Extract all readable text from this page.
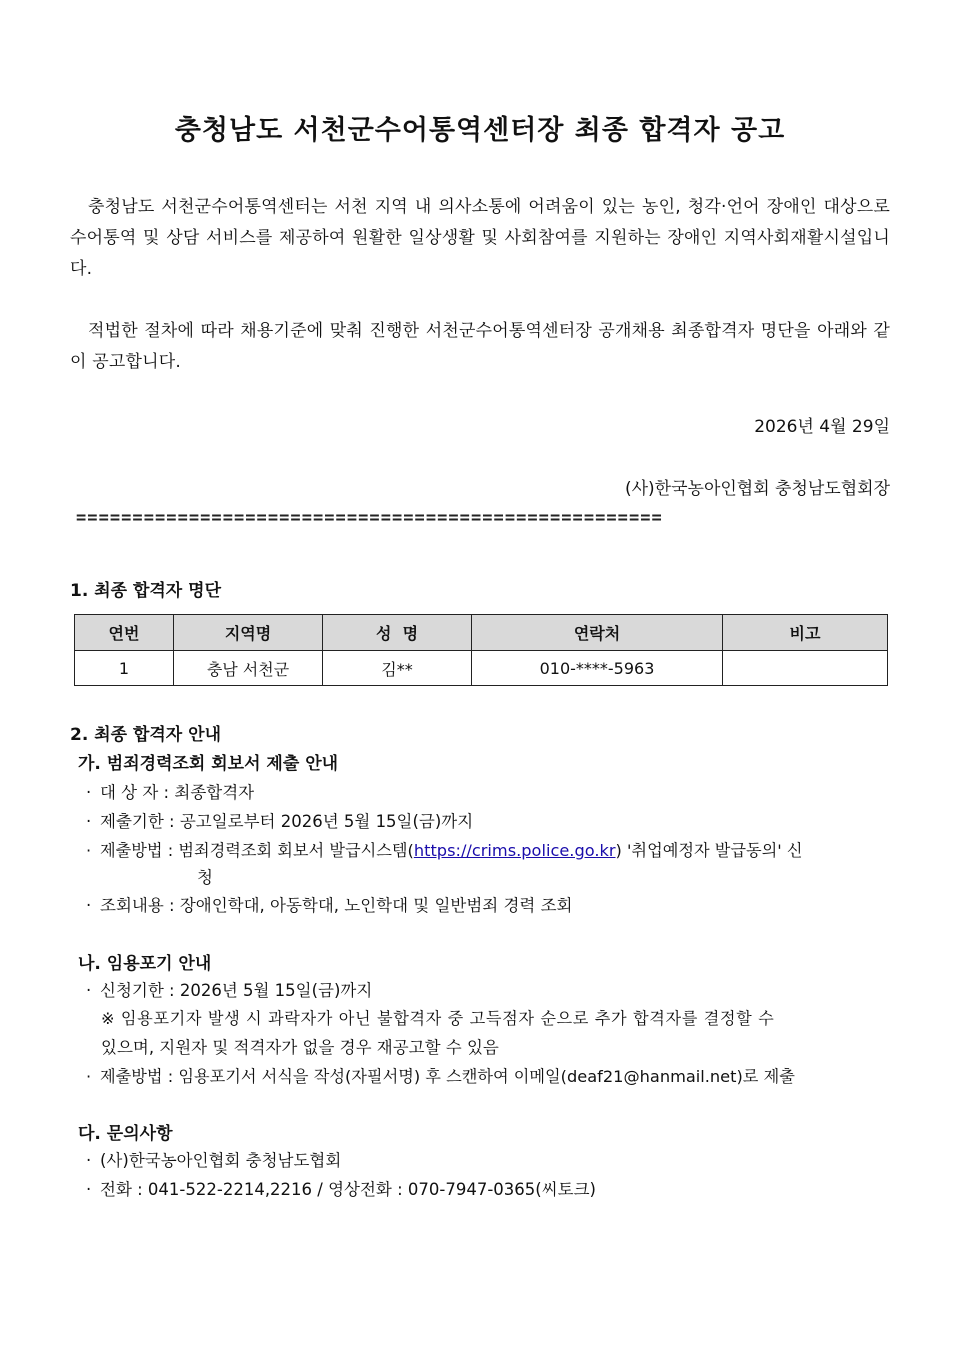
충청남도 서천군수어통역센터장 최종 합격자 공고
충청남도 서천군수어통역센터는 서천 지역 내 의사소통에 어려움이 있는 농인, 청각·언어 장애인 대상으로 수어통역 및 상담 서비스를 제공하여 원활한 일상생활 및 사회참여를 지원하는 장애인 지역사회재활시설입니다.
적법한 절차에 따라 채용기준에 맞춰 진행한 서천군수어통역센터장 공개채용 최종합격자 명단을 아래와 같이 공고합니다.
2026년 4월 29일
(사)한국농아인협회 충청남도협회장
====================================================
1. 최종 합격자 명단
연번	지역명	성  명	연락처	비고
1	충남 서천군	김**	010-****-5963	
2. 최종 합격자 안내
가. 범죄경력조회 회보서 제출 안내
· 대 상 자 : 최종합격자
· 제출기한 : 공고일로부터 2026년 5월 15일(금)까지
· 제출방법 : 범죄경력조회 회보서 발급시스템(https://crims.police.go.kr) '취업예정자 발급동의' 신
청
· 조회내용 : 장애인학대, 아동학대, 노인학대 및 일반범죄 경력 조회
나. 임용포기 안내
· 신청기한 : 2026년 5월 15일(금)까지
※ 임용포기자 발생 시 과락자가 아닌 불합격자 중 고득점자 순으로 추가 합격자를 결정할 수
있으며, 지원자 및 적격자가 없을 경우 재공고할 수 있음
· 제출방법 : 임용포기서 서식을 작성(자필서명) 후 스캔하여 이메일(deaf21@hanmail.net)로 제출
다. 문의사항
· (사)한국농아인협회 충청남도협회
· 전화 : 041-522-2214,2216 / 영상전화 : 070-7947-0365(씨토크)
